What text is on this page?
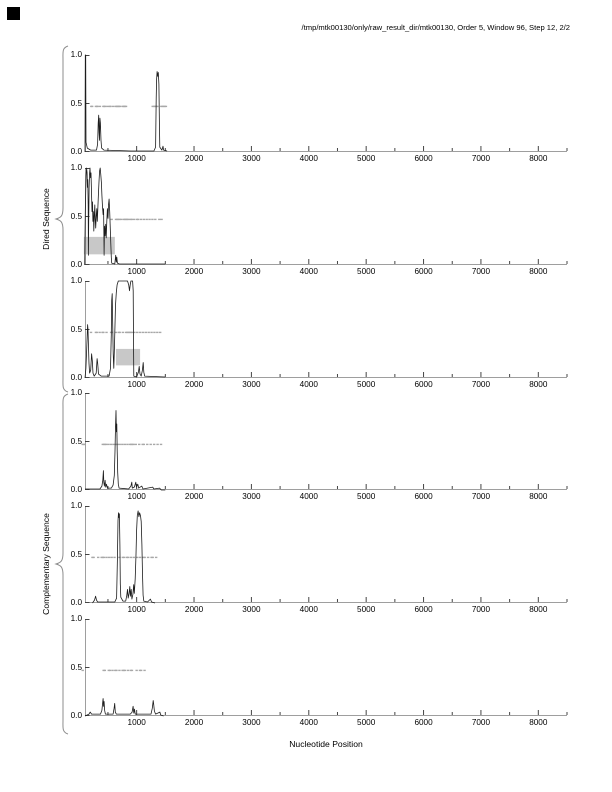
/tmp/mtk00130/only/raw_result_dir/mtk00130, Order 5, Window 96, Step 12, 2/2
Dired Sequence
Complementary Sequence
0.0
0.5
1.0
1000	2000	3000	4000	5000	6000	7000	8000
0.0
0.5
1.0
1000	2000	3000	4000	5000	6000	7000	8000
0.0
0.5
1.0
1000	2000	3000	4000	5000	6000	7000	8000
0.0
0.5
1.0
1000	2000	3000	4000	5000	6000	7000	8000
0.0
0.5
1.0
1000	2000	3000	4000	5000	6000	7000	8000
0.0
0.5
1.0
1000	2000	3000	4000	5000	6000	7000	8000
Nucleotide Position
